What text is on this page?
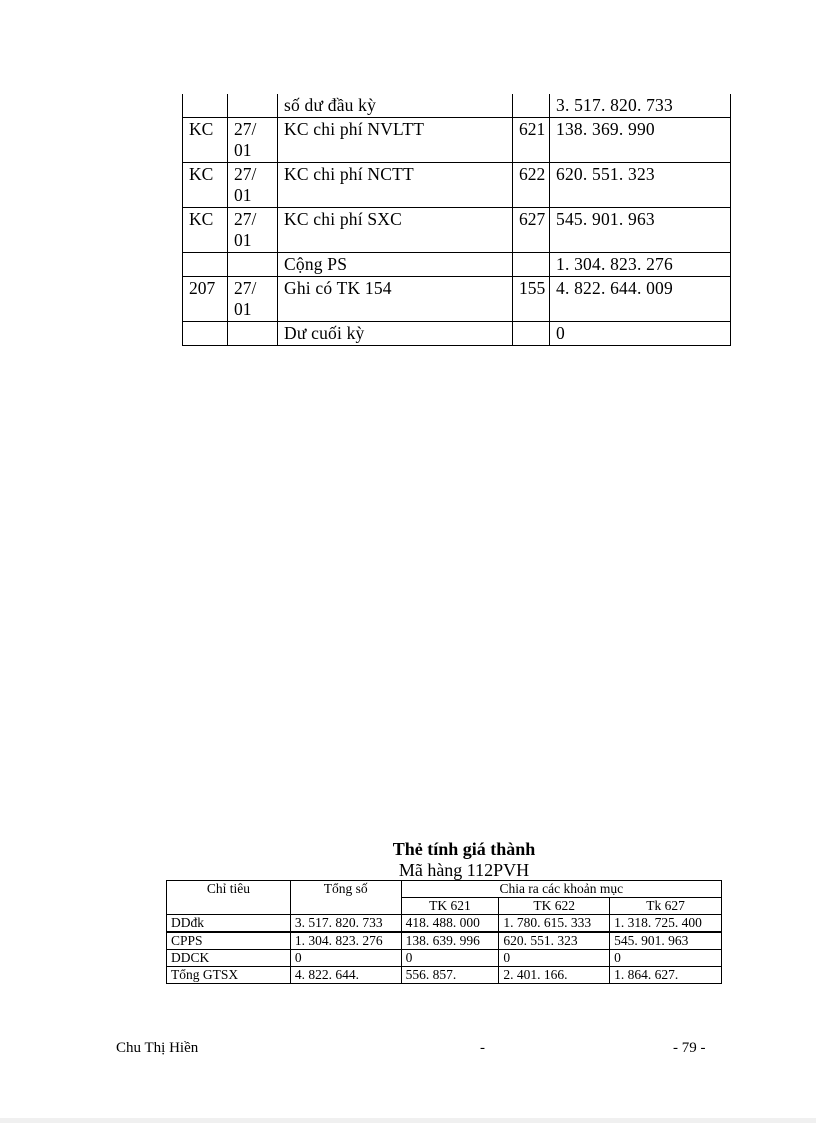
		số dư đầu kỳ		3. 517. 820. 733
KC	27/ 01	KC chi phí NVLTT	621	138. 369. 990
KC	27/ 01	KC chi phí NCTT	622	620. 551. 323
KC	27/ 01	KC chi phí SXC	627	545. 901. 963
		Cộng PS		1. 304. 823. 276
207	27/ 01	Ghi có TK 154	155	4. 822. 644. 009
		Dư cuối kỳ		0
Thẻ tính giá thành
Mã hàng 112PVH
Chỉ tiêu	Tổng số	Chia ra các khoản mục		
		TK 621	TK 622	Tk 627
DDđk	3. 517. 820. 733	418. 488. 000	1. 780. 615. 333	1. 318. 725. 400
CPPS	1. 304. 823. 276	138. 639. 996	620. 551. 323	545. 901. 963
DDCK	0	0	0	0
Tổng GTSX	4. 822. 644.	556. 857.	2. 401. 166.	1. 864. 627.
Chu Thị Hiền	-	- 79 -
